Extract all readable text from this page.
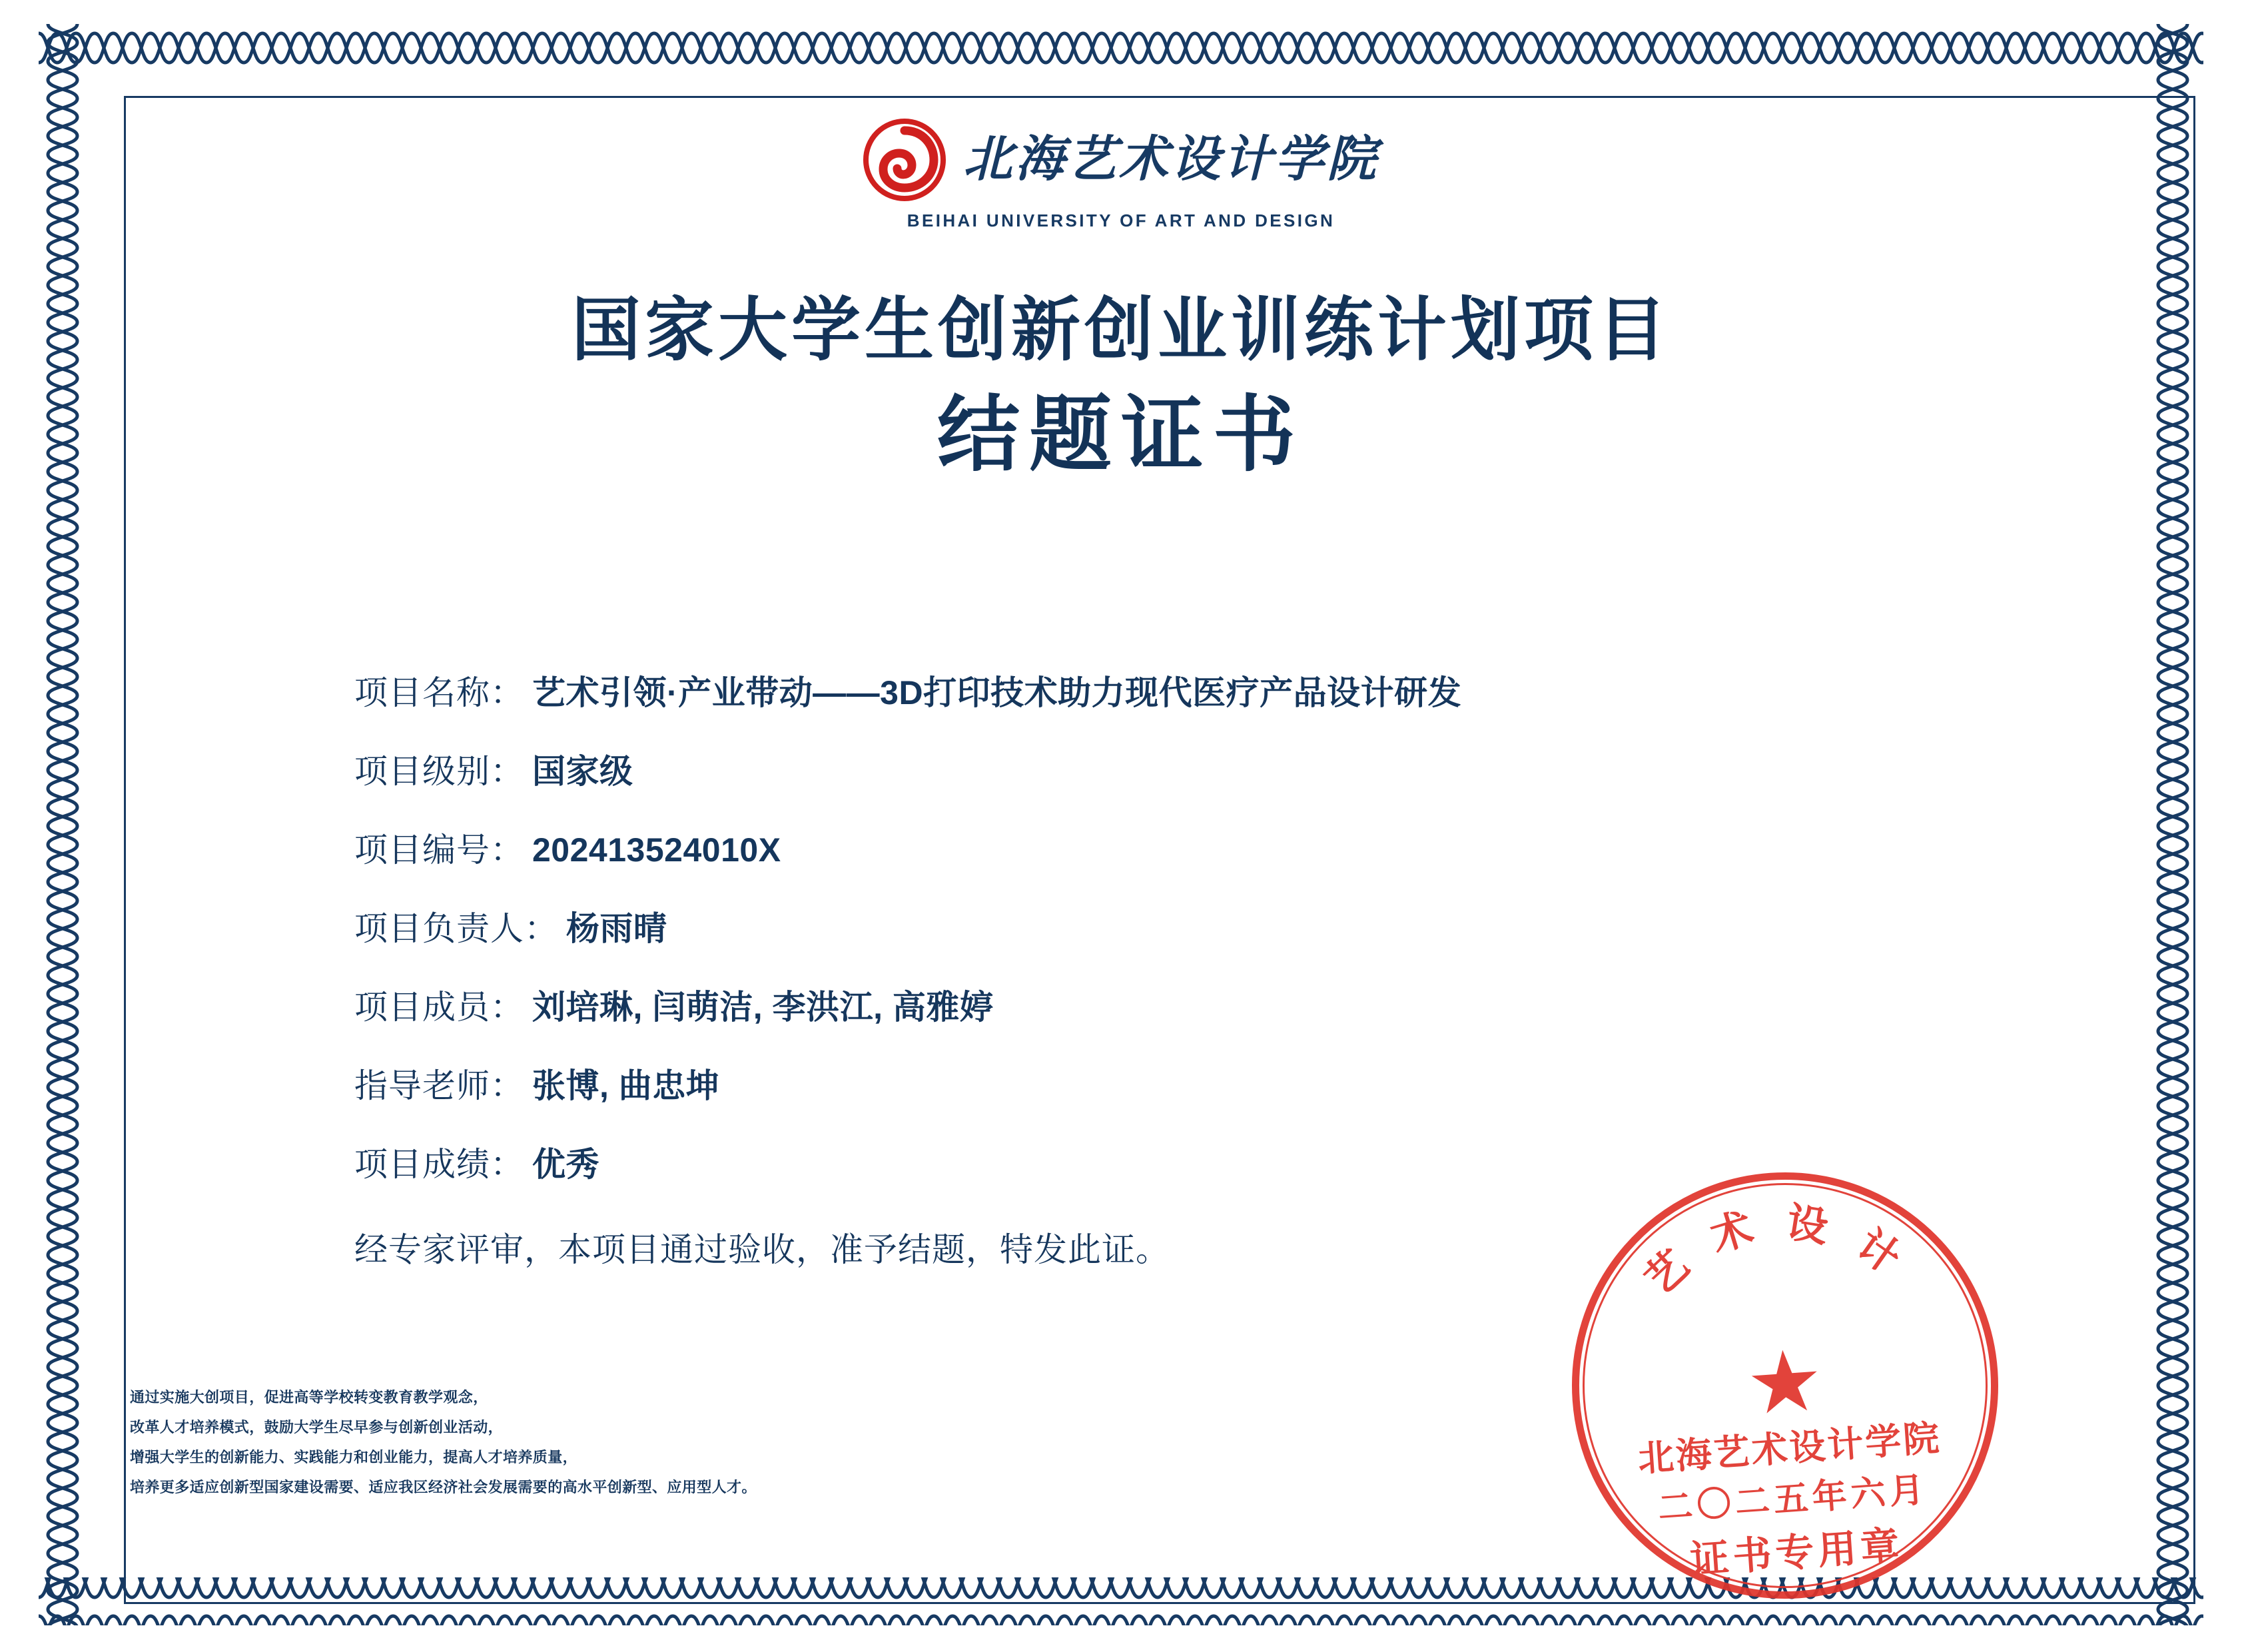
北海艺术设计学院
BEIHAI UNIVERSITY OF ART AND DESIGN
国家大学生创新创业训练计划项目
结题证书
项目名称： 艺术引领·产业带动——3D打印技术助力现代医疗产品设计研发
项目级别： 国家级
项目编号： 202413524010X
项目负责人： 杨雨晴
项目成员： 刘培琳, 闫萌洁, 李洪江, 高雅婷
指导老师： 张博, 曲忠坤
项目成绩： 优秀
经专家评审，本项目通过验收，准予结题，特发此证。
通过实施大创项目，促进高等学校转变教育教学观念，
改革人才培养模式，鼓励大学生尽早参与创新创业活动，
增强大学生的创新能力、实践能力和创业能力，提高人才培养质量，
培养更多适应创新型国家建设需要、适应我区经济社会发展需要的高水平创新型、应用型人才。
艺 术 设 计
★
北海艺术设计学院
二〇二五年六月
证书专用章
